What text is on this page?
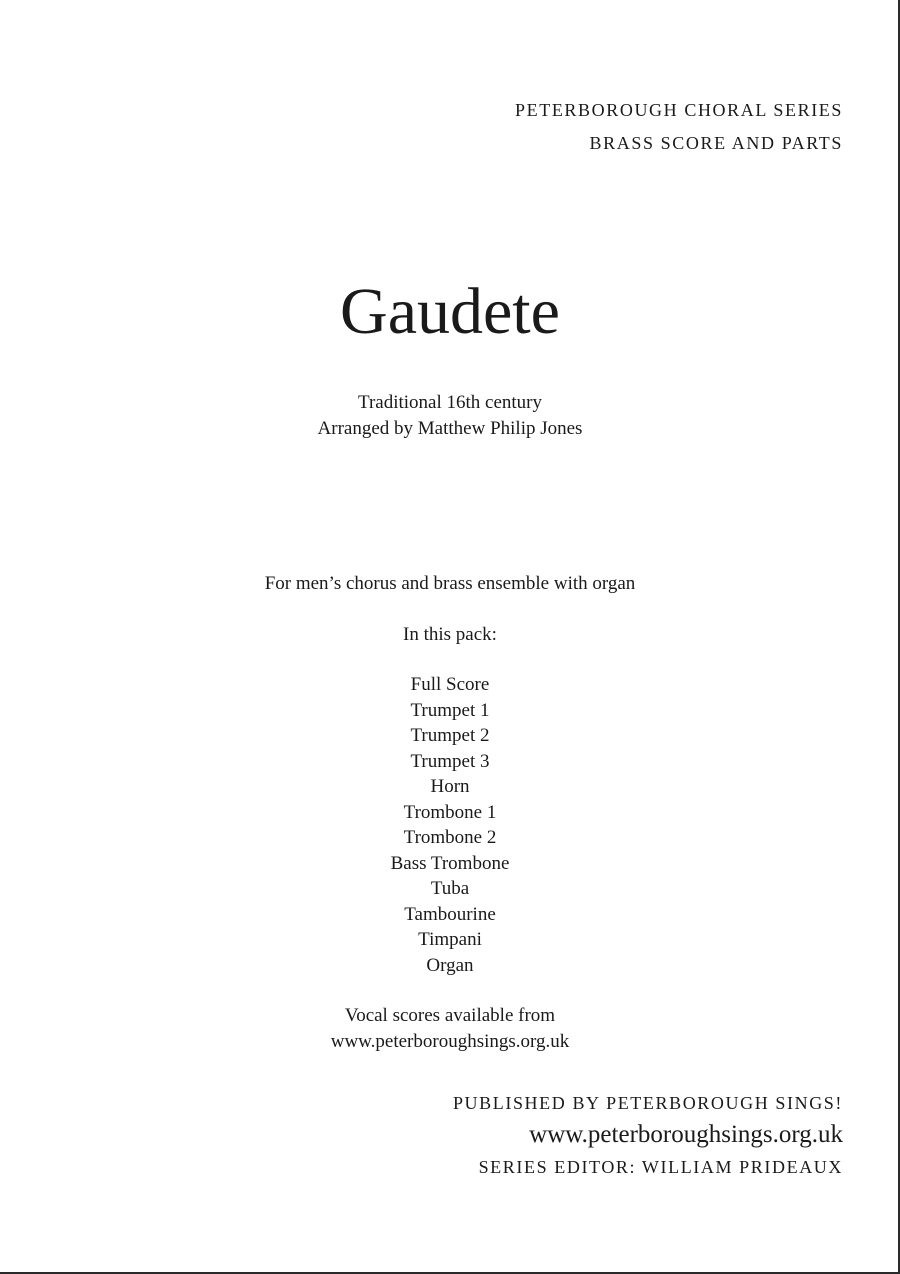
PETERBOROUGH CHORAL SERIES
BRASS SCORE AND PARTS
Gaudete
Traditional 16th century
Arranged by Matthew Philip Jones
For men’s chorus and brass ensemble with organ
In this pack:
Full Score
Trumpet 1
Trumpet 2
Trumpet 3
Horn
Trombone 1
Trombone 2
Bass Trombone
Tuba
Tambourine
Timpani
Organ
Vocal scores available from
www.peterboroughsings.org.uk
PUBLISHED BY PETERBOROUGH SINGS!
www.peterboroughsings.org.uk
SERIES EDITOR: WILLIAM PRIDEAUX
